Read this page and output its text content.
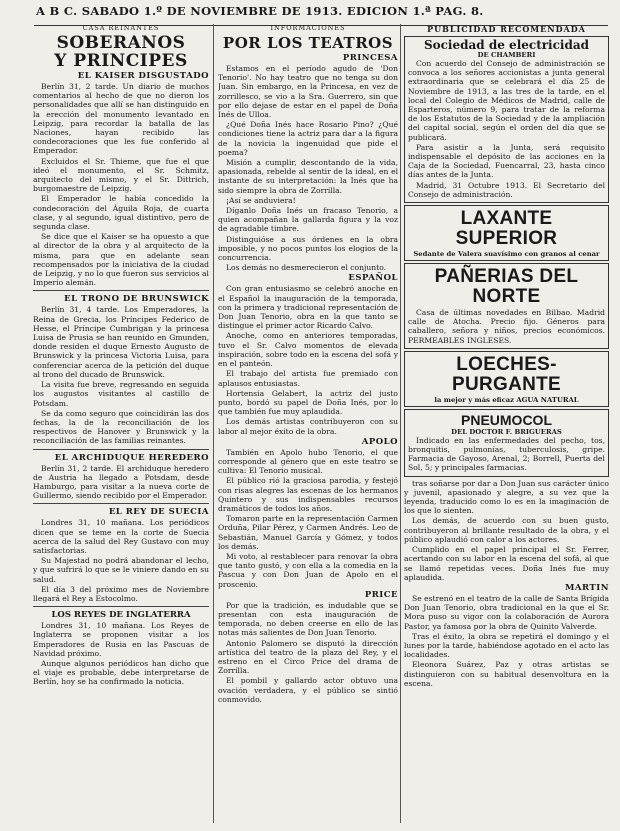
A B C. SABADO 1.º DE NOVIEMBRE DE 1913. EDICION 1.ª PAG. 8.
CASA REINANTES
SOBERANOS
Y PRINCIPES
EL KAISER DISGUSTADO

Berlín 31, 2 tarde. Un diario de muchos comentarios al hecho de que no dieron los personalidades que allí se han distinguido en la erección del monumento levantado en Leipzig, para recordar la batalla de las Naciones, hayan recibido las condecoraciones que les fue conferido al Emperador.

Excluidos el Sr. Thieme, que fue el que ideó el monumento, el Sr. Schmitz, arquitecto del mismo, y el Sr. Dittrich, burgomaestre de Leipzig.

El Emperador le había concedido la condecoración del Águila Roja, de cuarta clase, y al segundo, igual distintivo, pero de segunda clase.

Se dice que el Kaiser se ha opuesto a que al director de la obra y al arquitecto de la misma, para que en adelante sean recompensados por la iniciativa de la ciudad de Leipzig, y no lo que fueron sus servicios al Imperio alemán.

EL TRONO DE BRUNSWICK

Berlín 31, 4 tarde. Los Emperadores, la Reina de Grecia, los Príncipes Federico de Hesse, el Príncipe Cumbrigan y la princesa Luisa de Prusia se han reunido en Gmunden, donde residen el duque Ernesto Augusto de Brunswick y la princesa Victoria Luisa, para conferenciar acerca de la petición del duque al trono del ducado de Brunswick.

La visita fue breve, regresando en seguida los augustos visitantes al castillo de Potsdam.

Se da como seguro que coincidirán las dos fechas, la de la reconciliación de los respectivos de Hanover y Brunswick y la reconciliación de las familias reinantes.

EL ARCHIDUQUE HEREDERO

Berlín 31, 2 tarde. El archiduque heredero de Austria ha llegado a Potsdam, desde Hamburgo, para visitar a la nueva corte de Guillermo, siendo recibido por el Emperador.

EL REY DE SUECIA

Londres 31, 10 mañana. Los periódicos dicen que se teme en la corte de Suecia acerca de la salud del Rey Gustavo con muy satisfactorias.

Su Majestad no podrá abandonar el lecho, y que sufrirá lo que se le viniere dando en su salud.

El día 3 del próximo mes de Noviembre llegará el Rey a Estocolmo.

LOS REYES DE INGLATERRA

Londres 31, 10 mañana. Los Reyes de Inglaterra se proponen visitar a los Emperadores de Rusia en las Pascuas de Navidad próximo.

Aunque algunos periódicos han dicho que el viaje es probable, debe interpretarse de Berlín, hoy se ha confirmado la noticia.

INFORMACIONES
POR LOS TEATROS
PRINCESA

Estamos en el período agudo de 'Don Tenorio'. No hay teatro que no tenga su don Juan. Sin embargo, en la Princesa, en vez de zorrillesco, se vio a la Sra. Guerrero, sin que por ello dejase de estar en el papel de Doña Inés de Ulloa.

¿Qué Doña Inés hace Rosario Pino? ¿Qué condiciones tiene la actriz para dar a la figura de la novicia la ingenuidad que pide el poema?

Misión a cumplir, descontando de la vida, apasionada, rebelde al sentir de la ideal, en el instante de su interpretación: la Inés que ha sido siempre la obra de Zorrilla.

¡Así se anduviera!

Díganlo Doña Inés un fracaso Tenorio, a quien acompañan la gallarda figura y la voz de agradable timbre.

Distinguióse a sus órdenes en la obra imposible, y no pocos puntos los elogios de la concurrencia.

Los demás no desmerecieron el conjunto.

ESPAÑOL

Con gran entusiasmo se celebró anoche en el Español la inauguración de la temporada, con la primera y tradicional representación de Don Juan Tenorio, obra en la que tanto se distingue el primer actor Ricardo Calvo.

Anoche, como en anteriores temporadas, tuvo el Sr. Calvo momentos de elevada inspiración, sobre todo en la escena del sofá y en el panteón.

El trabajo del artista fue premiado con aplausos entusiastas.

Hortensia Gelabert, la actriz del justo punto, bordó su papel de Doña Inés, por lo que también fue muy aplaudida.

Los demás artistas contribuyeron con su labor al mejor éxito de la obra.

APOLO

También en Apolo hubo Tenorio, el que corresponde al género que en este teatro se cultiva: El Tenorio musical.

El público rió la graciosa parodia, y festejó con risas alegres las escenas de los hermanos Quintero y sus indispensables recursos dramáticos de todos los años.

Tomaron parte en la representación Carmen Orduña, Pilar Pérez, y Carmen Andrés. Leo de Sebastián, Manuel García y Gómez, y todos los demás.

Mi voto, al restablecer para renovar la obra que tanto gustó, y con ella a la comedia en la Pascua y con Don Juan de Apolo en el proscenio.

PRICE

Por que la tradición, es indudable que se presentan con esta inauguración de temporada, no deben creerse en ello de las notas más salientes de Don Juan Tenorio.

Antonio Palomero se disputó la dirección artística del teatro de la plaza del Rey, y el estreno en el Circo Price del drama de Zorrilla.

El pombil y gallardo actor obtuvo una ovación verdadera, y el público se sintió conmovido.

PUBLICIDAD RECOMENDADA
Sociedad de electricidad
DE CHAMBERI

Con acuerdo del Consejo de administración se convoca a los señores accionistas a junta general extraordinaria que se celebrará el día 25 de Noviembre de 1913, a las tres de la tarde, en el local del Colegio de Médicos de Madrid, calle de Esparteros, número 9, para tratar de la reforma de los Estatutos de la Sociedad y de la ampliación del capital social, según el orden del día que se publicará.

Para asistir a la Junta, será requisito indispensable el depósito de las acciones en la Caja de la Sociedad, Fuencarral, 23, hasta cinco días antes de la Junta.

Madrid, 31 Octubre 1913. El Secretario del Consejo de administración.

LAXANTE SUPERIOR
Sedante de Valera suavísimo con granos al cenar
PAÑERIAS DEL NORTE

Casa de últimas novedades en Bilbao. Madrid calle de Atocha. Precio fijo. Géneros para caballero, señora y niños, precios económicos. PERMEABLES INGLESES.

LOECHES-PURGANTE
la mejor y más eficaz AGUA NATURAL
PNEUMOCOL
DEL DOCTOR F. BRIGUERAS

Indicado en las enfermedades del pecho, tos, bronquitis, pulmonías, tuberculosis, gripe. Farmacia de Gayoso, Arenal, 2; Borrell, Puerta del Sol, 5; y principales farmacias.

tras soñarse por dar a Don Juan sus carácter único y juvenil, apasionado y alegre, a su vez que la leyenda, traducido como lo es en la imaginación de los que lo sienten.

Los demás, de acuerdo con su buen gusto, contribuyeron al brillante resultado de la obra, y el público aplaudió con calor a los actores.

Cumplido en el papel principal el Sr. Ferrer, acertando con su labor en la escena del sofá, al que se llamó repetidas veces. Doña Inés fue muy aplaudida.

MARTIN

Se estrenó en el teatro de la calle de Santa Brígida Don Juan Tenorio, obra tradicional en la que el Sr. Mora puso su vigor con la colaboración de Aurora Pastor, ya famosa por la obra de Quinito Valverde.

Tras el éxito, la obra se repetirá el domingo y el lunes por la tarde, habiéndose agotado en el acto las localidades.

Eleonora Suárez, Paz y otras artistas se distinguieron con su habitual desenvoltura en la escena.
